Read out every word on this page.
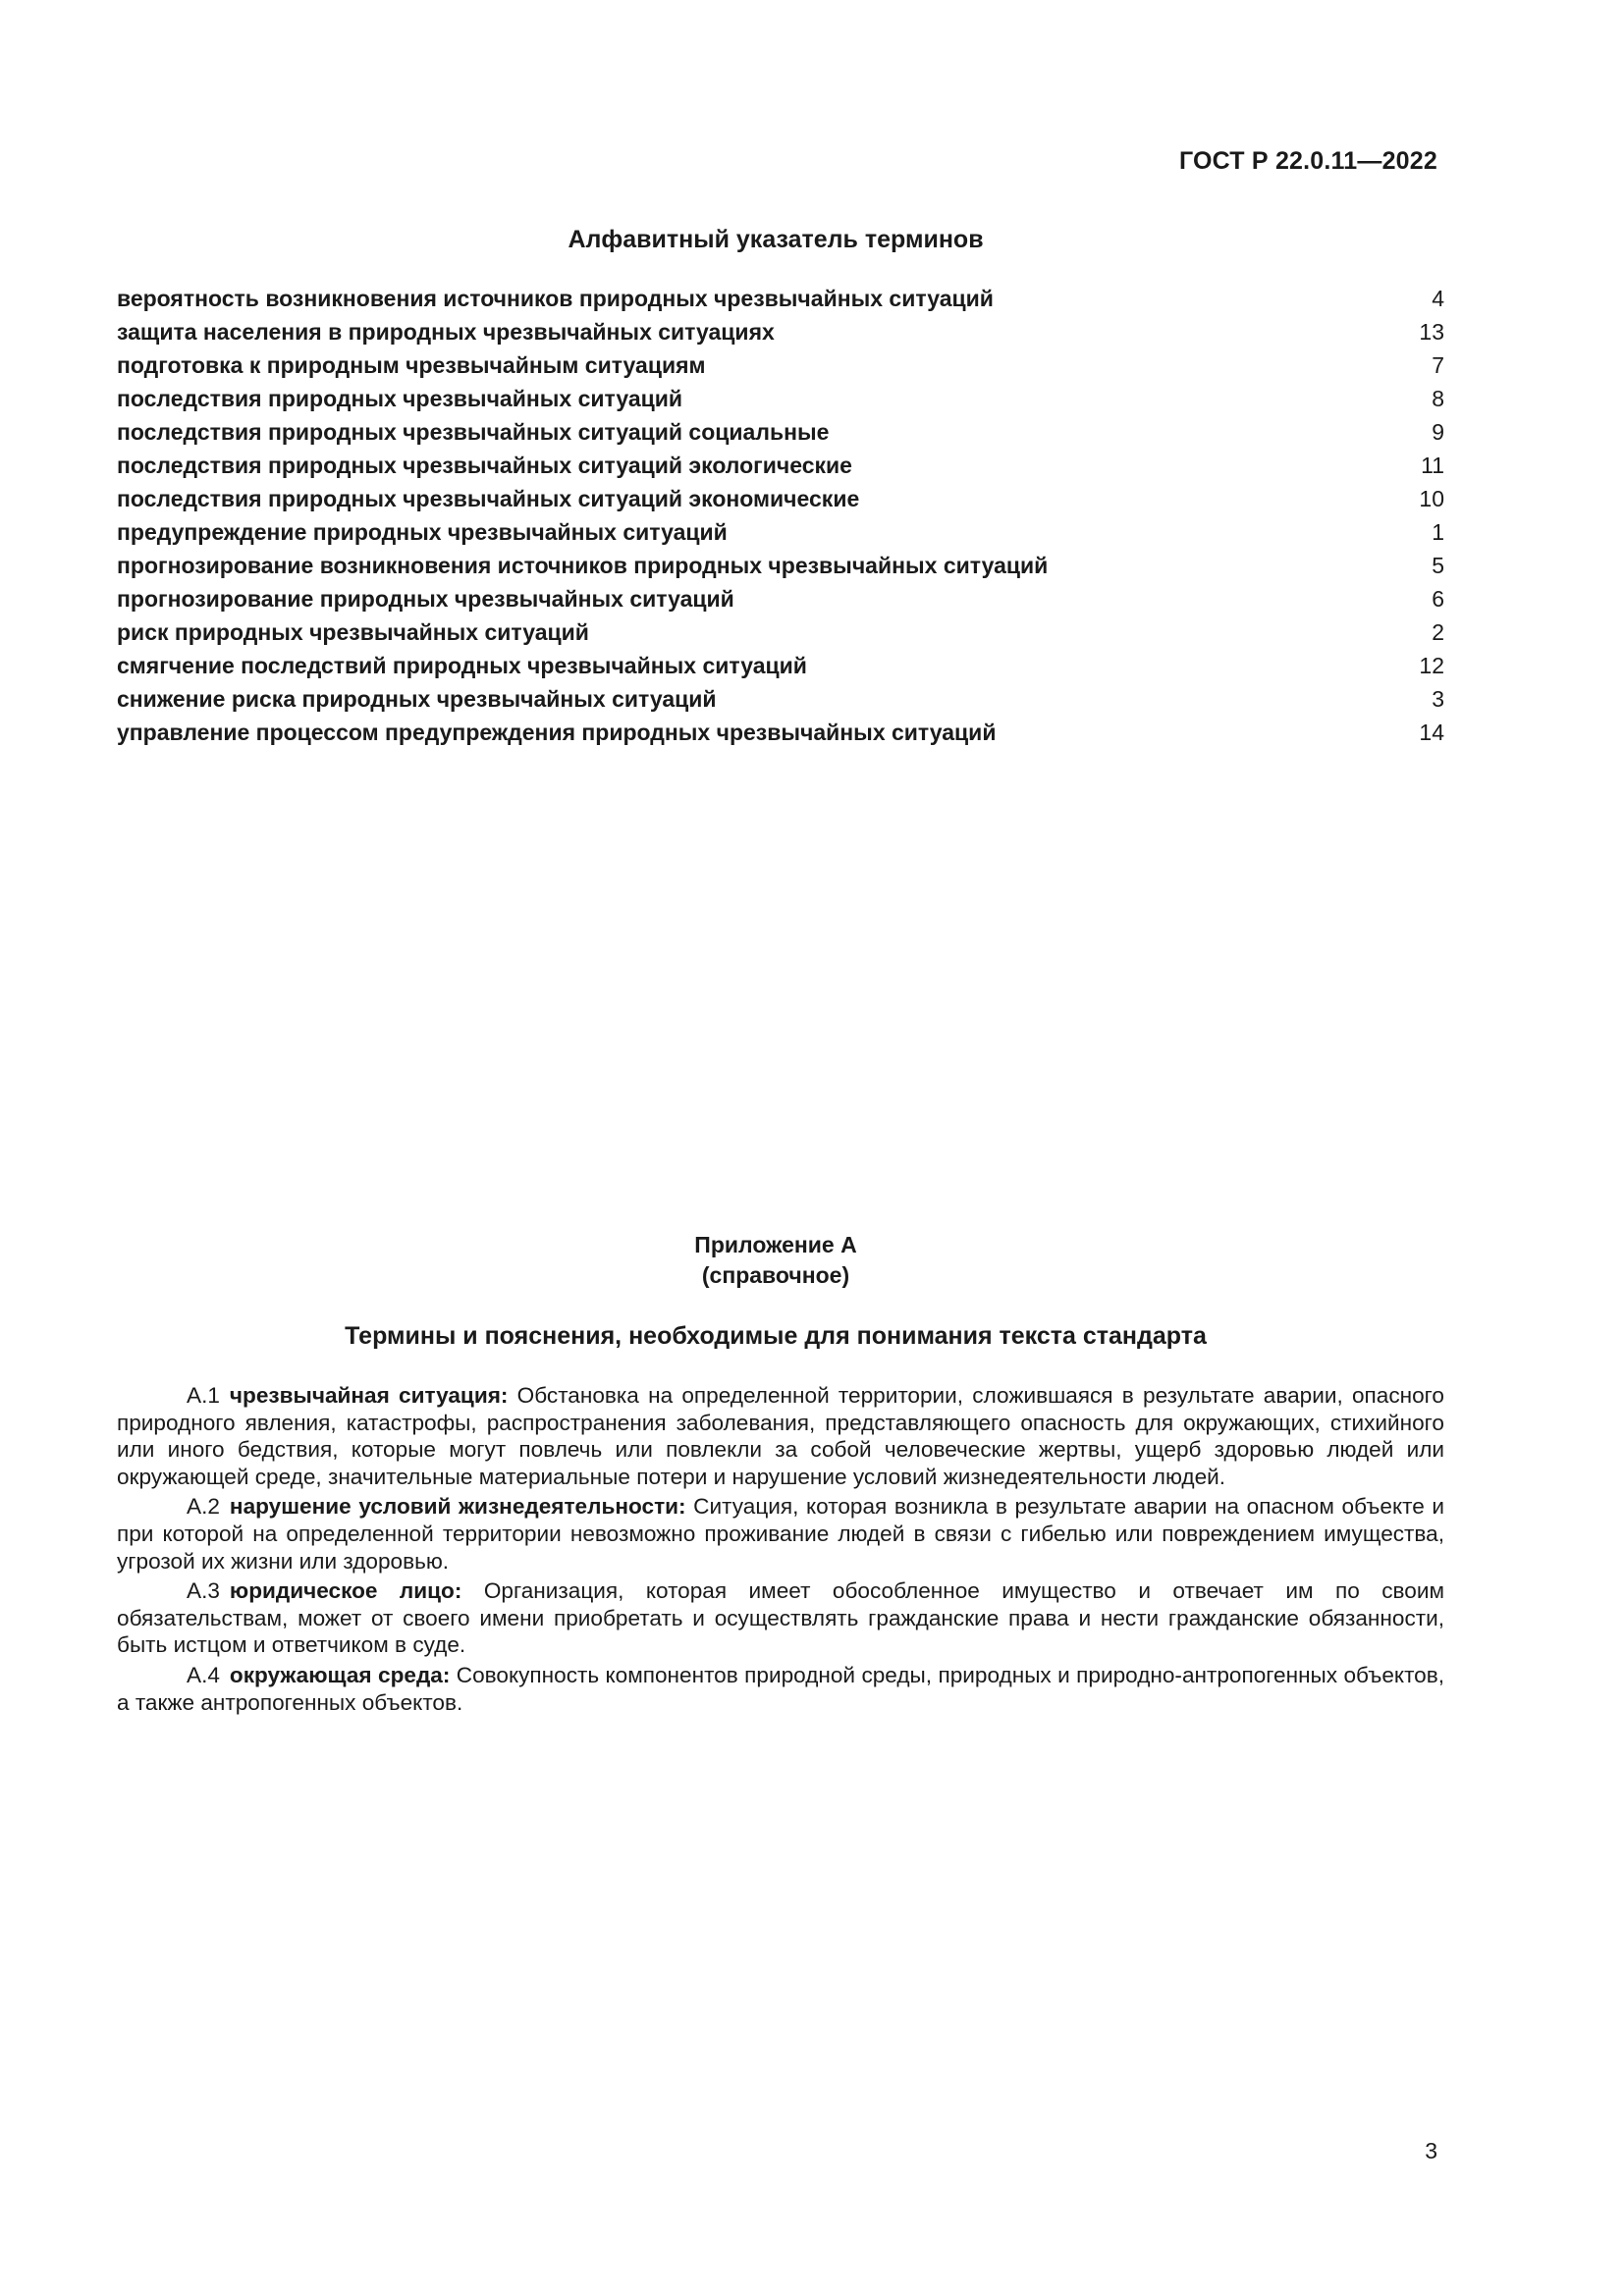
ГОСТ Р 22.0.11—2022
Алфавитный указатель терминов
вероятность возникновения источников природных чрезвычайных ситуаций	4
защита населения в природных чрезвычайных ситуациях	13
подготовка к природным чрезвычайным ситуациям	7
последствия природных чрезвычайных ситуаций	8
последствия природных чрезвычайных ситуаций социальные	9
последствия природных чрезвычайных ситуаций экологические	11
последствия природных чрезвычайных ситуаций экономические	10
предупреждение природных чрезвычайных ситуаций	1
прогнозирование возникновения источников природных чрезвычайных ситуаций	5
прогнозирование природных чрезвычайных ситуаций	6
риск природных чрезвычайных ситуаций	2
смягчение последствий природных чрезвычайных ситуаций	12
снижение риска природных чрезвычайных ситуаций	3
управление процессом предупреждения природных чрезвычайных ситуаций	14
Приложение А
(справочное)
Термины и пояснения, необходимые для понимания текста стандарта

А.1 чрезвычайная ситуация: Обстановка на определенной территории, сложившаяся в результате аварии, опасного природного явления, катастрофы, распространения заболевания, представляющего опасность для окружающих, стихийного или иного бедствия, которые могут повлечь или повлекли за собой человеческие жертвы, ущерб здоровью людей или окружающей среде, значительные материальные потери и нарушение условий жизнедеятельности людей.

А.2 нарушение условий жизнедеятельности: Ситуация, которая возникла в результате аварии на опасном объекте и при которой на определенной территории невозможно проживание людей в связи с гибелью или повреждением имущества, угрозой их жизни или здоровью.

А.3 юридическое лицо: Организация, которая имеет обособленное имущество и отвечает им по своим обязательствам, может от своего имени приобретать и осуществлять гражданские права и нести гражданские обязанности, быть истцом и ответчиком в суде.

А.4 окружающая среда: Совокупность компонентов природной среды, природных и природно-антропогенных объектов, а также антропогенных объектов.

3
